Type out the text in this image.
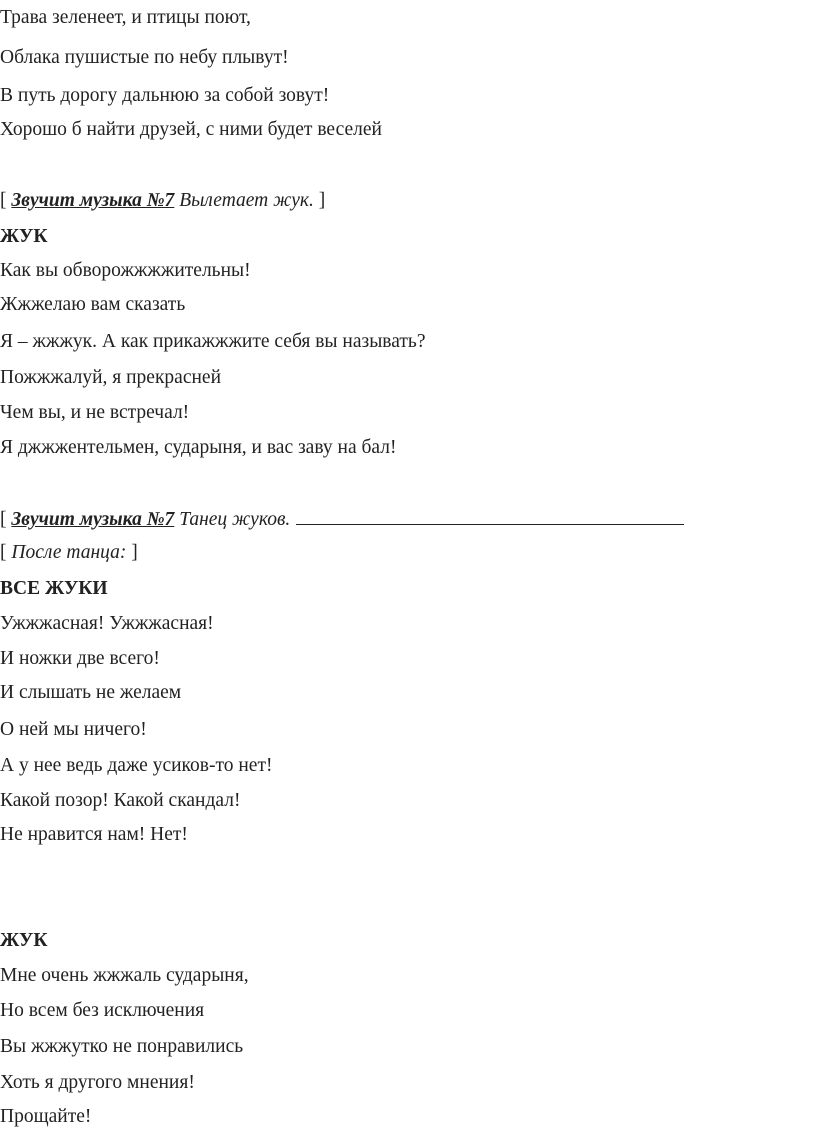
Трава зеленеет, и птицы поют,
Облака пушистые по небу плывут!
В путь дорогу дальнюю за собой зовут!
Хорошо б найти друзей, с ними будет веселей
[ Звучит музыка №7 Вылетает жук. ]
ЖУК
Как вы обворожжжжительны!
Жжжелаю вам сказать
Я – жжжук. А как прикажжжите себя вы называть?
Пожжжалуй, я прекрасней
Чем вы, и не встречал!
Я джжжентельмен, сударыня, и вас заву на бал!
[ Звучит музыка №7 Танец жуков.
[ После танца: ]
ВСЕ ЖУКИ
Ужжжасная! Ужжжасная!
И ножки две всего!
И слышать не желаем
О ней мы ничего!
А у нее ведь даже усиков-то нет!
Какой позор! Какой скандал!
Не нравится нам! Нет!
ЖУК
Мне очень жжжаль сударыня,
Но всем без исключения
Вы жжжутко не понравились
Хоть я другого мнения!
Прощайте!
